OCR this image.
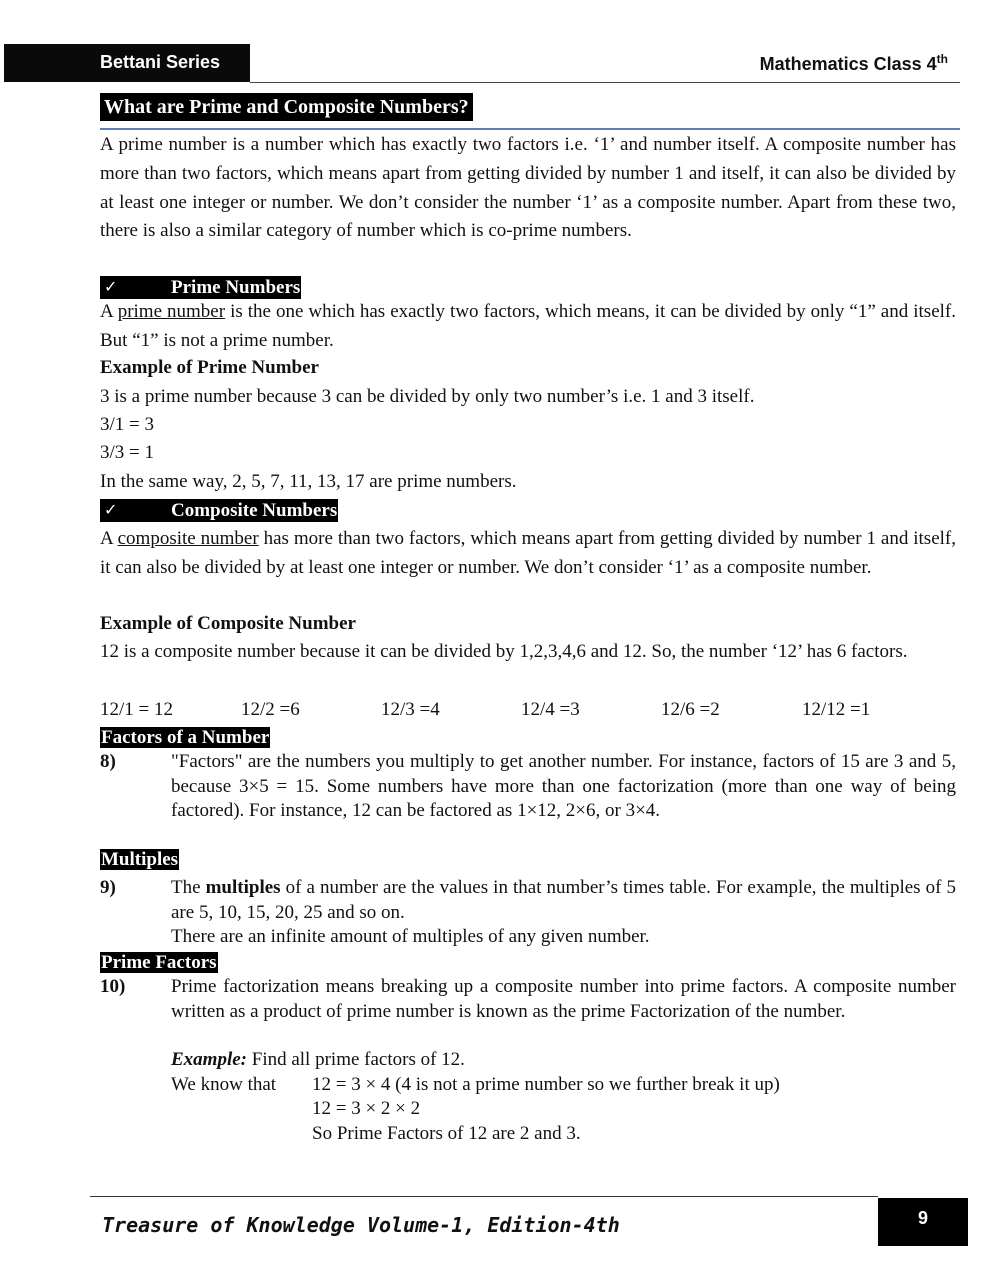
Bettani Series	Mathematics Class 4th
What are Prime and Composite Numbers?
A prime number is a number which has exactly two factors i.e. ‘1’ and number itself. A composite number has more than two factors, which means apart from getting divided by number 1 and itself, it can also be divided by at least one integer or number. We don’t consider the number ‘1’ as a composite number. Apart from these two, there is also a similar category of number which is co-prime numbers.
✓	Prime Numbers
A prime number is the one which has exactly two factors, which means, it can be divided by only “1” and itself. But “1” is not a prime number.
Example of Prime Number
3 is a prime number because 3 can be divided by only two number’s i.e. 1 and 3 itself.
3/1 = 3
3/3 = 1
In the same way, 2, 5, 7, 11, 13, 17 are prime numbers.
✓	Composite Numbers
A composite number has more than two factors, which means apart from getting divided by number 1 and itself, it can also be divided by at least one integer or number. We don’t consider ‘1’ as a composite number.
Example of Composite Number
12 is a composite number because it can be divided by 1,2,3,4,6 and 12. So, the number ‘12’ has 6 factors.
12/1 = 12	12/2 =6	12/3 =4	12/4 =3	12/6 =2	12/12 =1
Factors of a Number
8)	"Factors" are the numbers you multiply to get another number. For instance, factors of 15 are 3 and 5, because 3×5 = 15. Some numbers have more than one factorization (more than one way of being factored). For instance, 12 can be factored as 1×12, 2×6, or 3×4.
Multiples
9)	The multiples of a number are the values in that number’s times table. For example, the multiples of 5 are 5, 10, 15, 20, 25 and so on.
There are an infinite amount of multiples of any given number.
Prime Factors
10) Prime factorization means breaking up a composite number into prime factors. A composite number written as a product of prime number is known as the prime Factorization of the number.
Example: Find all prime factors of 12.
We know that 12 = 3 × 4 (4 is not a prime number so we further break it up)
12 = 3 × 2 × 2
So Prime Factors of 12 are 2 and 3.
Treasure of Knowledge Volume-1, Edition-4th	9
